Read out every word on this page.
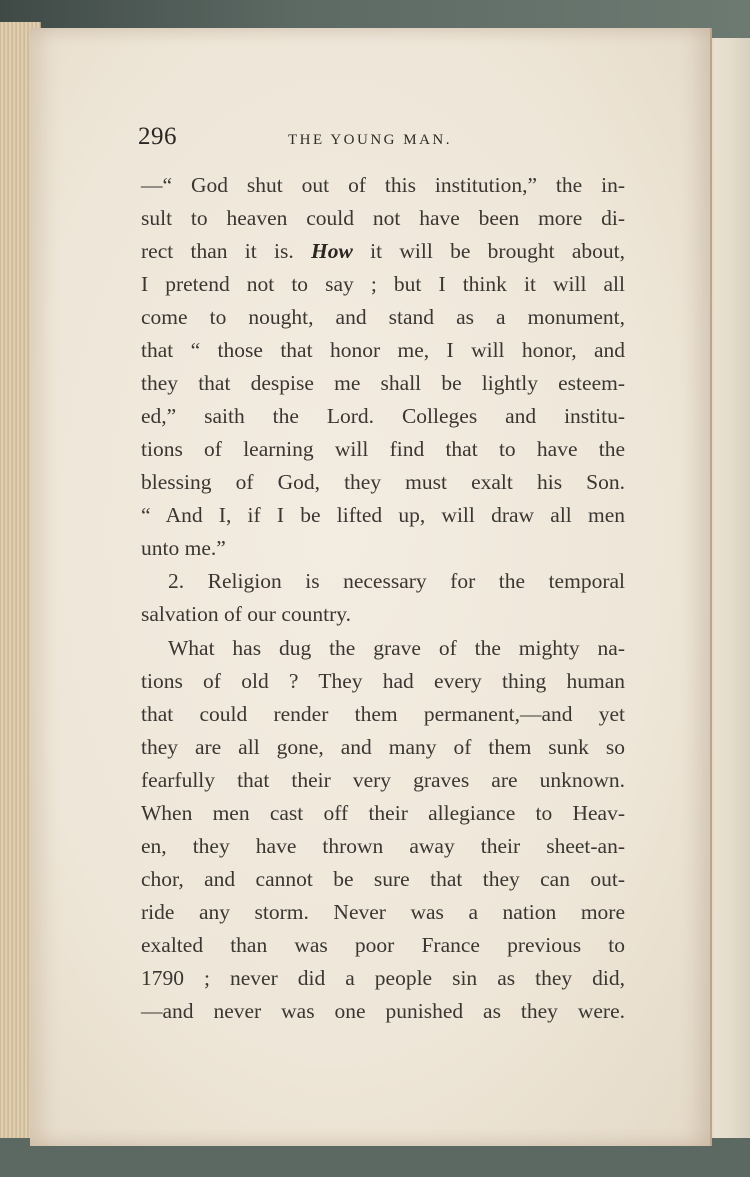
296	THE YOUNG MAN.
—“ God shut out of this institution,” the in-
sult to heaven could not have been more di-
rect than it is. How it will be brought about,
I pretend not to say ; but I think it will all
come to nought, and stand as a monument,
that “ those that honor me, I will honor, and
they that despise me shall be lightly esteem-
ed,” saith the Lord. Colleges and institu-
tions of learning will find that to have the
blessing of God, they must exalt his Son.
“ And I, if I be lifted up, will draw all men
unto me.”
2. Religion is necessary for the temporal
salvation of our country.
What has dug the grave of the mighty na-
tions of old ? They had every thing human
that could render them permanent,—and yet
they are all gone, and many of them sunk so
fearfully that their very graves are unknown.
When men cast off their allegiance to Heav-
en, they have thrown away their sheet-an-
chor, and cannot be sure that they can out-
ride any storm. Never was a nation more
exalted than was poor France previous to
1790 ; never did a people sin as they did,
—and never was one punished as they were.
